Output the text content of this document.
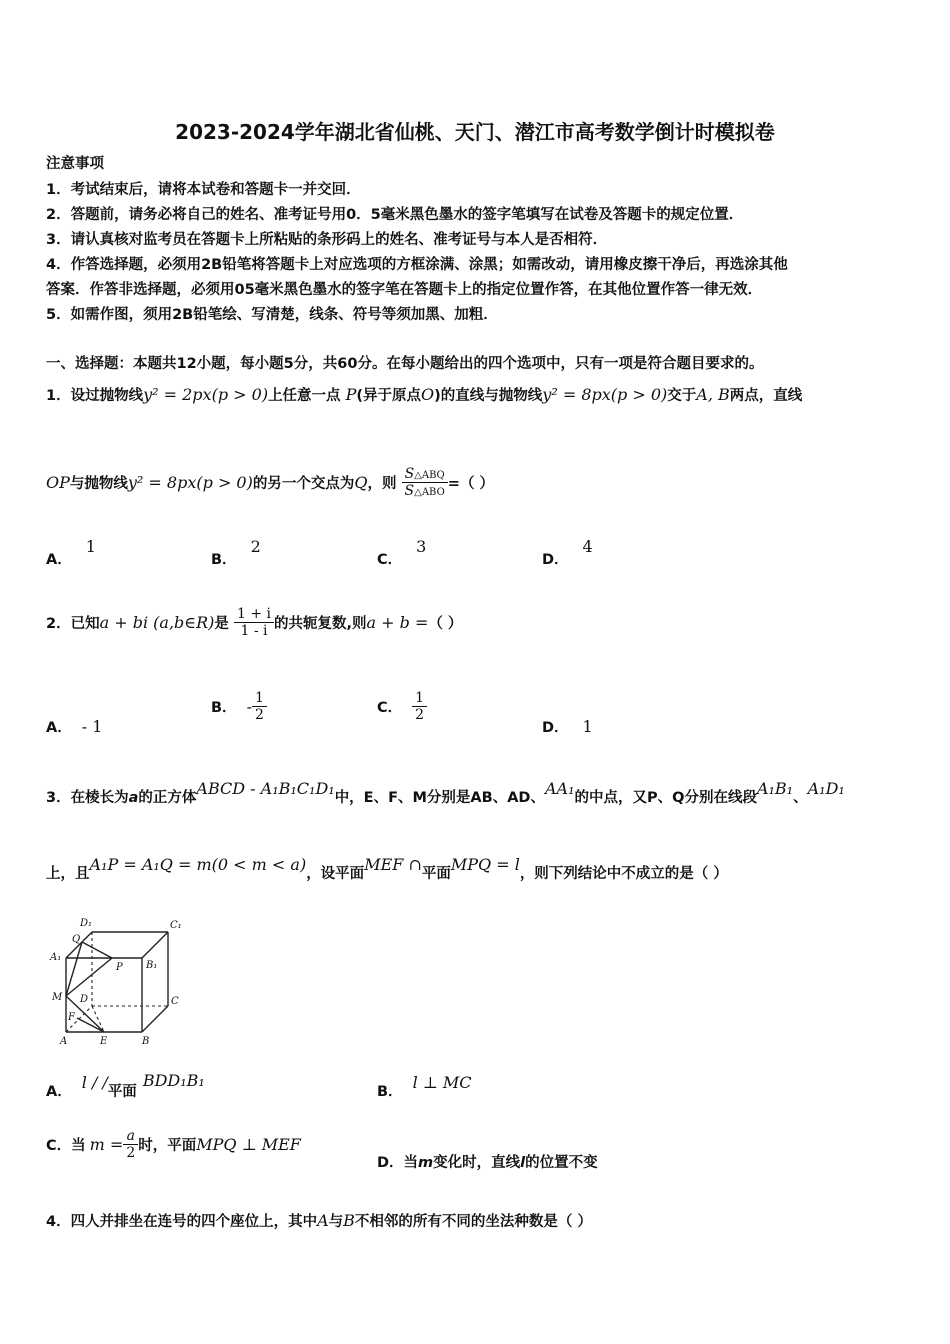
2023-2024学年湖北省仙桃、天门、潜江市高考数学倒计时模拟卷
注意事项
1．考试结束后，请将本试卷和答题卡一并交回．
2．答题前，请务必将自己的姓名、准考证号用0．5毫米黑色墨水的签字笔填写在试卷及答题卡的规定位置．
3．请认真核对监考员在答题卡上所粘贴的条形码上的姓名、准考证号与本人是否相符．
4．作答选择题，必须用2B铅笔将答题卡上对应选项的方框涂满、涂黑；如需改动，请用橡皮擦干净后，再选涂其他
答案．作答非选择题，必须用05毫米黑色墨水的签字笔在答题卡上的指定位置作答，在其他位置作答一律无效．
5．如需作图，须用2B铅笔绘、写清楚，线条、符号等须加黑、加粗．
一、选择题：本题共12小题，每小题5分，共60分。在每小题给出的四个选项中，只有一项是符合题目要求的。
1．设过抛物线y² = 2px(p > 0)上任意一点 P(异于原点O)的直线与抛物线y² = 8px(p > 0)交于A, B两点，直线
OP与抛物线y² = 8px(p > 0)的另一个交点为Q，则 $\frac{\text{S△ABQ}}{\text{S△ABO}}$ =（ ）
A．1
B．2
C．3
D．4
2．已知a + bi (a,b∈R)是 $\frac{1 + i}{1 - i}$ 的共轭复数,则a + b =（ ）
A． - 1
B． - $\frac{1}{2}$	C． $\frac{1}{2}$
D． 1
3．在棱长为a的正方体ABCD - A₁B₁C₁D₁中，E、F、M分别是AB、AD、AA₁的中点，又P、Q分别在线段A₁B₁、A₁D₁
上，且A₁P = A₁Q = m(0 < m < a)，设平面MEF ∩平面MPQ = l，则下列结论中不成立的是（ ）
D₁	C₁
Q
A₁
P B₁
M D	C
F
A	E	B
A． l / /平面BDD₁B₁
B． l ⊥ MC
C．当 $m = \frac{a}{2}$ 时，平面MPQ ⊥ MEF
D．当m变化时，直线l的位置不变
4．四人并排坐在连号的四个座位上，其中A与B不相邻的所有不同的坐法种数是（ ）
